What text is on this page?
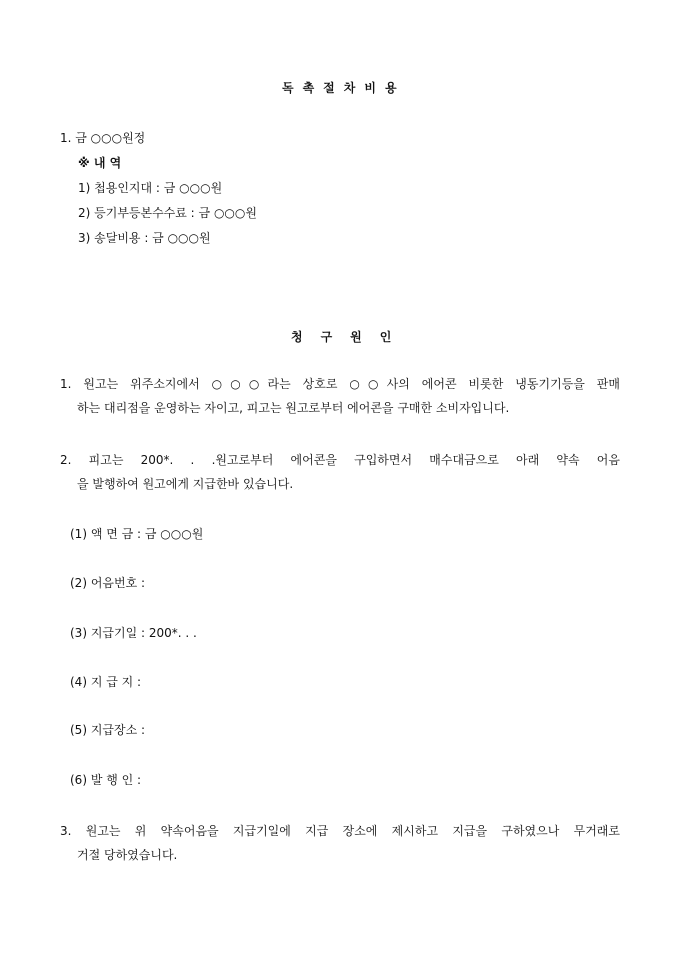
독촉절차비용
1. 금 ○○○원정
※ 내 역
1) 첩용인지대 : 금 ○○○원
2) 등기부등본수수료 : 금 ○○○원
3) 송달비용 : 금 ○○○원
청구원인
1. 원고는 위주소지에서 ○○○라는 상호로 ○○사의 에어콘 비롯한 냉동기기등을 판매
하는 대리점을 운영하는 자이고, 피고는 원고로부터 에어콘을 구매한 소비자입니다.
2. 피고는 200*. . .원고로부터 에어콘을 구입하면서 매수대금으로 아래 약속 어음
을 발행하여 원고에게 지급한바 있습니다.
(1) 액 면 금 : 금 ○○○원
(2) 어음번호 :
(3) 지급기일 : 200*. . .
(4) 지 급 지 :
(5) 지급장소 :
(6) 발 행 인 :
3. 원고는 위 약속어음을 지급기일에 지급 장소에 제시하고 지급을 구하였으나 무거래로
거절 당하였습니다.
